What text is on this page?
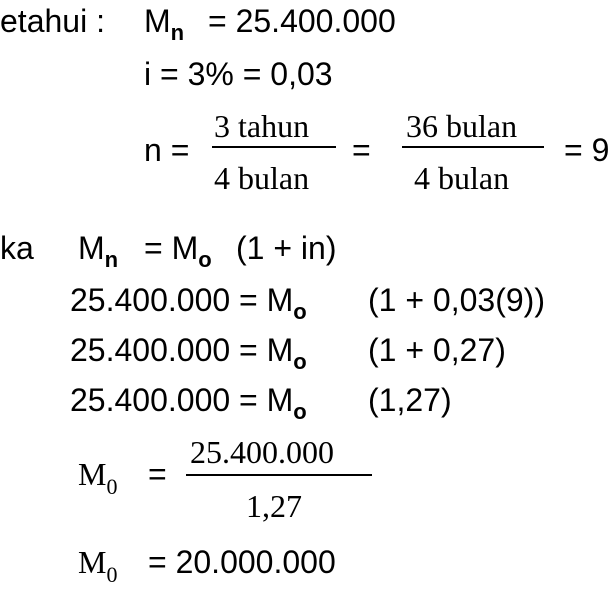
etahui : $M_n = 25.400.000$
i = 3% = 0,03
n =
3 tahun
4 bulan
=
36 bulan
4 bulan
= 9
ka $M_n = M_o$ (1 + in)
$25.400.000 = M_o$ (1 + 0,03(9))
$25.400.000 = M_o$ (1 + 0,27)
$25.400.000 = M_o$ (1,27)
$M_0$ =
25.400.000
1,27
$M_0 = 20.000.000$
